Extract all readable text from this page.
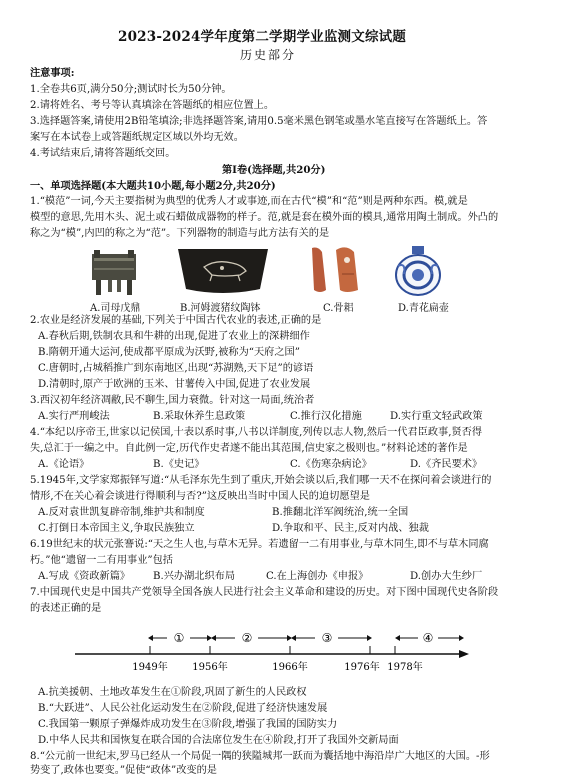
2023-2024学年度第二学期学业监测文综试题
历史部分
注意事项:
1.全卷共6页,满分50分;测试时长为50分钟。
2.请将姓名、考号等认真填涂在答题纸的相应位置上。
3.选择题答案,请使用2B铅笔填涂;非选择题答案,请用0.5毫米黑色钢笔或墨水笔直接写在答题纸上。答
案写在本试卷上或答题纸规定区域以外均无效。
4.考试结束后,请将答题纸交回。
第Ⅰ卷(选择题,共20分)
一、单项选择题(本大题共10小题,每小题2分,共20分)
1.“模范”一词,今天主要指树为典型的优秀人才或事迹,而在古代“模”和“范”则是两种东西。模,就是
模型的意思,先用木头、泥土或石蜡做成器物的样子。范,就是套在模外面的模具,通常用陶土制成。外凸的
称之为“模”,内凹的称之为“范”。下列器物的制造与此方法有关的是
A.司母戊鼎	B.河姆渡猪纹陶钵	C.骨耜	D.青花扁壶
2.农业是经济发展的基础,下列关于中国古代农业的表述,正确的是
A.春秋后期,铁制农具和牛耕的出现,促进了农业上的深耕细作
B.隋朝开通大运河,使成都平原成为沃野,被称为“天府之国”
C.唐朝时,占城稻推广到东南地区,出现“苏湖熟,天下足”的谚语
D.清朝时,原产于欧洲的玉米、甘薯传入中国,促进了农业发展
3.西汉初年经济凋敝,民不聊生,国力衰微。针对这一局面,统治者
A.实行严刑峻法	B.采取休养生息政策	C.推行汉化措施	D.实行重文轻武政策
4.“本纪以序帝王,世家以记侯国,十表以系时事,八书以详制度,列传以志人物,然后一代君臣政事,贤否得
失,总汇于一编之中。自此例一定,历代作史者遂不能出其范围,信史家之极则也。”材料论述的著作是
A.《论语》	B.《史记》	C.《伤寒杂病论》	D.《齐民要术》
5.1945年,文学家郑振铎写道:“从毛泽东先生到了重庆,开始会谈以后,我们哪一天不在探问着会谈进行的
情形,不在关心着会谈进行得顺利与否?”这反映出当时中国人民的迫切愿望是
A.反对袁世凯复辟帝制,维护共和制度	B.推翻北洋军阀统治,统一全国
C.打倒日本帝国主义,争取民族独立	D.争取和平、民主,反对内战、独裁
6.19世纪末的状元张謇说:“天之生人也,与草木无异。若遗留一二有用事业,与草木同生,即不与草木同腐
朽。”他“遗留一二有用事业”包括
A.写成《资政新篇》 B.兴办湖北织布局	C.在上海创办《申报》	D.创办大生纱厂
7.中国现代史是中国共产党领导全国各族人民进行社会主义革命和建设的历史。对下图中国现代史各阶段
的表述正确的是
①	②	③	④
1949年 1956年	1966年	1976年 1978年
A.抗美援朝、土地改革发生在①阶段,巩固了新生的人民政权
B.“大跃进”、人民公社化运动发生在②阶段,促进了经济快速发展
C.我国第一颗原子弹爆炸成功发生在③阶段,增强了我国的国防实力
D.中华人民共和国恢复在联合国的合法席位发生在④阶段,打开了我国外交新局面
8.“公元前一世纪末,罗马已经从一个局促一隅的狭隘城邦一跃而为囊括地中海沿岸广大地区的大国。-形
势变了,政体也要变。”促使“政体”改变的是
